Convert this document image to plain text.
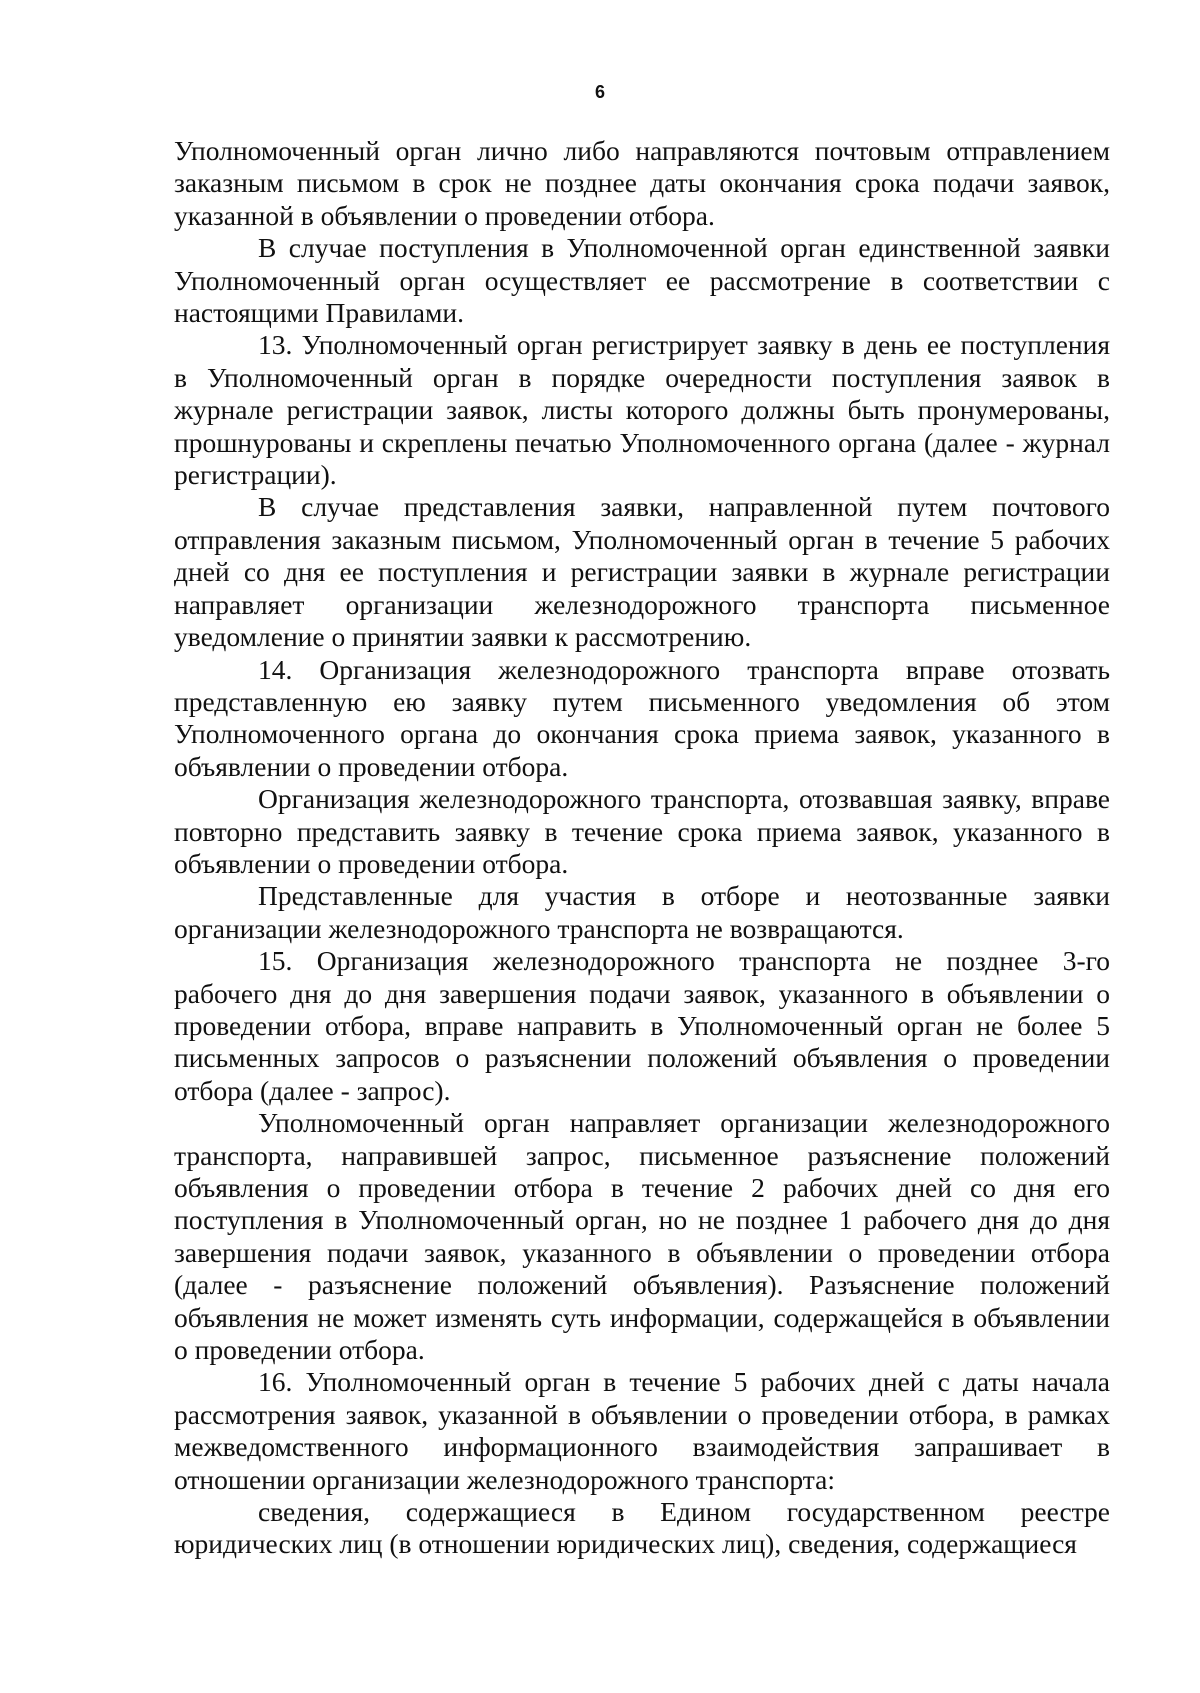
6

Уполномоченный орган лично либо направляются почтовым отправлением заказным письмом в срок не позднее даты окончания срока подачи заявок, указанной в объявлении о проведении отбора.

В случае поступления в Уполномоченной орган единственной заявки Уполномоченный орган осуществляет ее рассмотрение в соответствии с настоящими Правилами.

13. Уполномоченный орган регистрирует заявку в день ее поступления в Уполномоченный орган в порядке очередности поступления заявок в журнале регистрации заявок, листы которого должны быть пронумерованы, прошнурованы и скреплены печатью Уполномоченного органа (далее - журнал регистрации).

В случае представления заявки, направленной путем почтового отправления заказным письмом, Уполномоченный орган в течение 5 рабочих дней со дня ее поступления и регистрации заявки в журнале регистрации направляет организации железнодорожного транспорта письменное уведомление о принятии заявки к рассмотрению.

14. Организация железнодорожного транспорта вправе отозвать представленную ею заявку путем письменного уведомления об этом Уполномоченного органа до окончания срока приема заявок, указанного в объявлении о проведении отбора.

Организация железнодорожного транспорта, отозвавшая заявку, вправе повторно представить заявку в течение срока приема заявок, указанного в объявлении о проведении отбора.

Представленные для участия в отборе и неотозванные заявки организации железнодорожного транспорта не возвращаются.

15. Организация железнодорожного транспорта не позднее 3-го рабочего дня до дня завершения подачи заявок, указанного в объявлении о проведении отбора, вправе направить в Уполномоченный орган не более 5 письменных запросов о разъяснении положений объявления о проведении отбора (далее - запрос).

Уполномоченный орган направляет организации железнодорожного транспорта, направившей запрос, письменное разъяснение положений объявления о проведении отбора в течение 2 рабочих дней со дня его поступления в Уполномоченный орган, но не позднее 1 рабочего дня до дня завершения подачи заявок, указанного в объявлении о проведении отбора (далее - разъяснение положений объявления). Разъяснение положений объявления не может изменять суть информации, содержащейся в объявлении о проведении отбора.

16. Уполномоченный орган в течение 5 рабочих дней с даты начала рассмотрения заявок, указанной в объявлении о проведении отбора, в рамках межведомственного информационного взаимодействия запрашивает в отношении организации железнодорожного транспорта:

сведения, содержащиеся в Едином государственном реестре юридических лиц (в отношении юридических лиц), сведения, содержащиеся
